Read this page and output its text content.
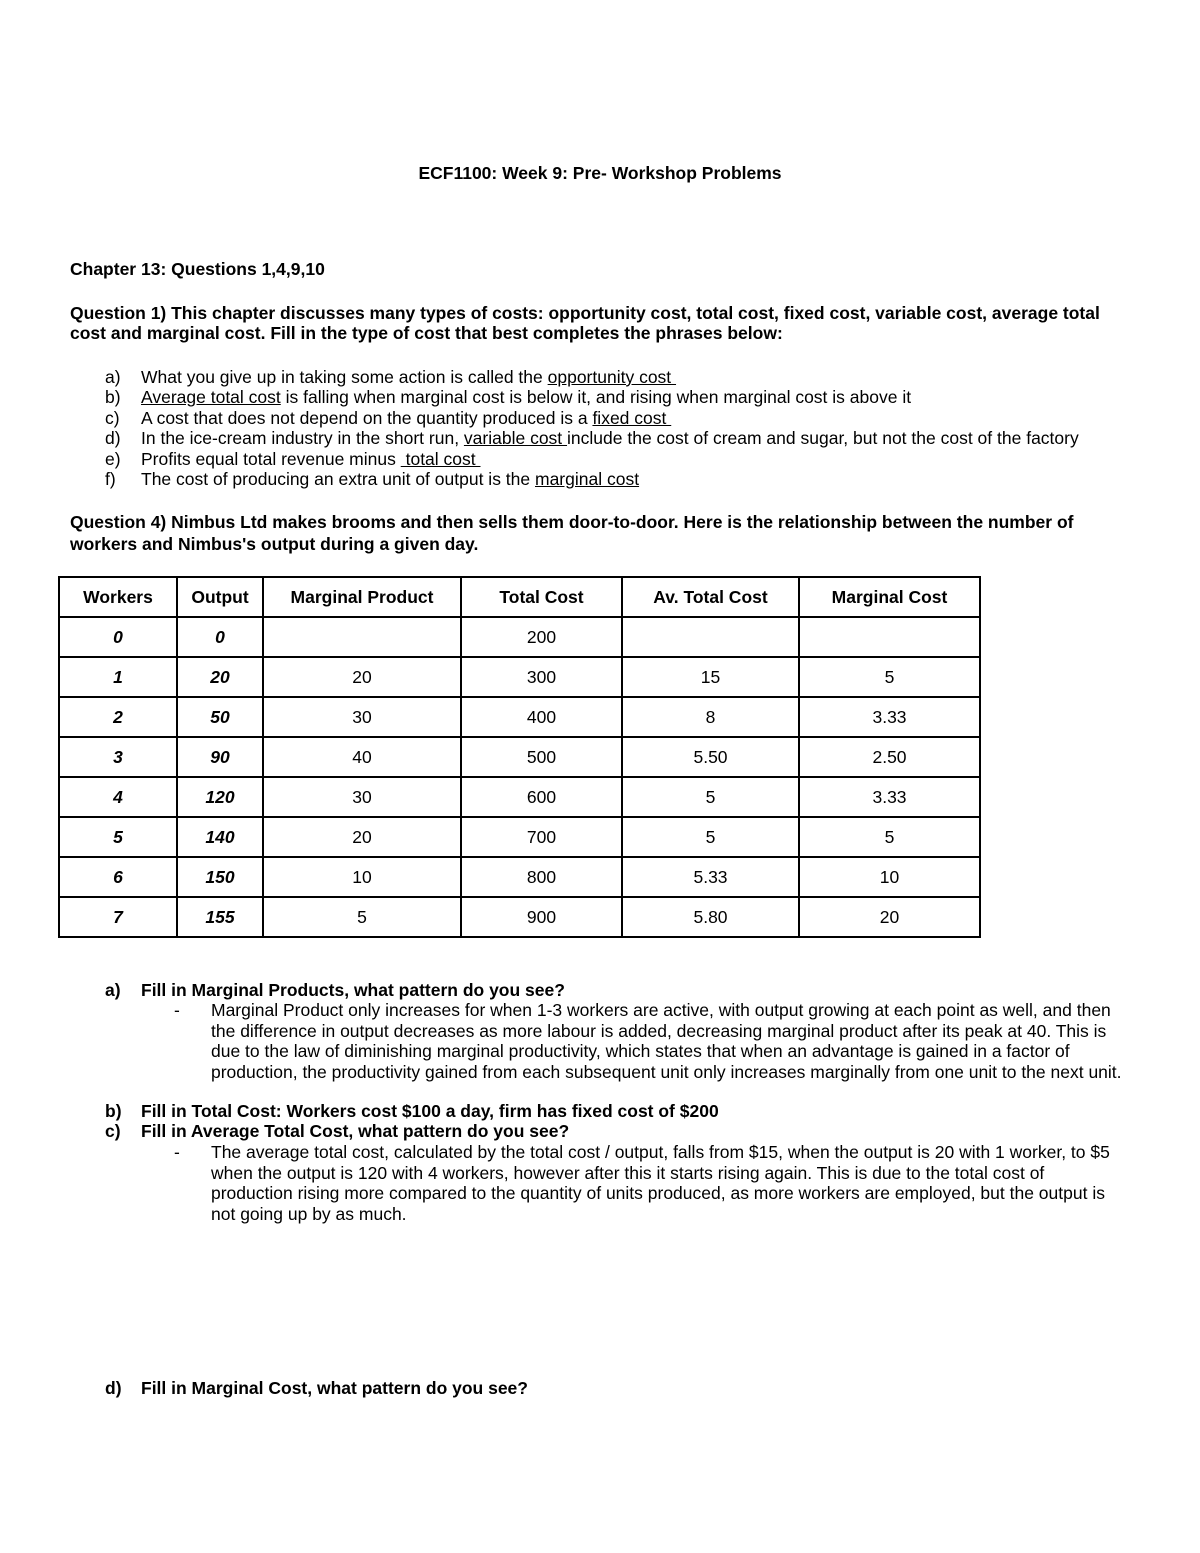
ECF1100: Week 9: Pre- Workshop Problems
Chapter 13: Questions 1,4,9,10
Question 1) This chapter discusses many types of costs: opportunity cost, total cost, fixed cost, variable cost, average total
cost and marginal cost. Fill in the type of cost that best completes the phrases below:
a)	What you give up in taking some action is called the opportunity cost
b)	Average total cost is falling when marginal cost is below it, and rising when marginal cost is above it
c)	A cost that does not depend on the quantity produced is a fixed cost
d)	In the ice-cream industry in the short run, variable cost include the cost of cream and sugar, but not the cost of the factory
e)	Profits equal total revenue minus  total cost
f)	The cost of producing an extra unit of output is the marginal cost
Question 4) Nimbus Ltd makes brooms and then sells them door-to-door. Here is the relationship between the number of
workers and Nimbus's output during a given day.
Workers	Output	Marginal Product	Total Cost	Av. Total Cost	Marginal Cost
0	0		200		
1	20	20	300	15	5
2	50	30	400	8	3.33
3	90	40	500	5.50	2.50
4	120	30	600	5	3.33
5	140	20	700	5	5
6	150	10	800	5.33	10
7	155	5	900	5.80	20
a) Fill in Marginal Products, what pattern do you see?
- Marginal Product only increases for when 1-3 workers are active, with output growing at each point as well, and then the difference in output decreases as more labour is added, decreasing marginal product after its peak at 40. This is due to the law of diminishing marginal productivity, which states that when an advantage is gained in a factor of production, the productivity gained from each subsequent unit only increases marginally from one unit to the next unit.
b) Fill in Total Cost: Workers cost $100 a day, firm has fixed cost of $200
c) Fill in Average Total Cost, what pattern do you see?
- The average total cost, calculated by the total cost / output, falls from $15, when the output is 20 with 1 worker, to $5 when the output is 120 with 4 workers, however after this it starts rising again. This is due to the total cost of production rising more compared to the quantity of units produced, as more workers are employed, but the output is not going up by as much.
d) Fill in Marginal Cost, what pattern do you see?
